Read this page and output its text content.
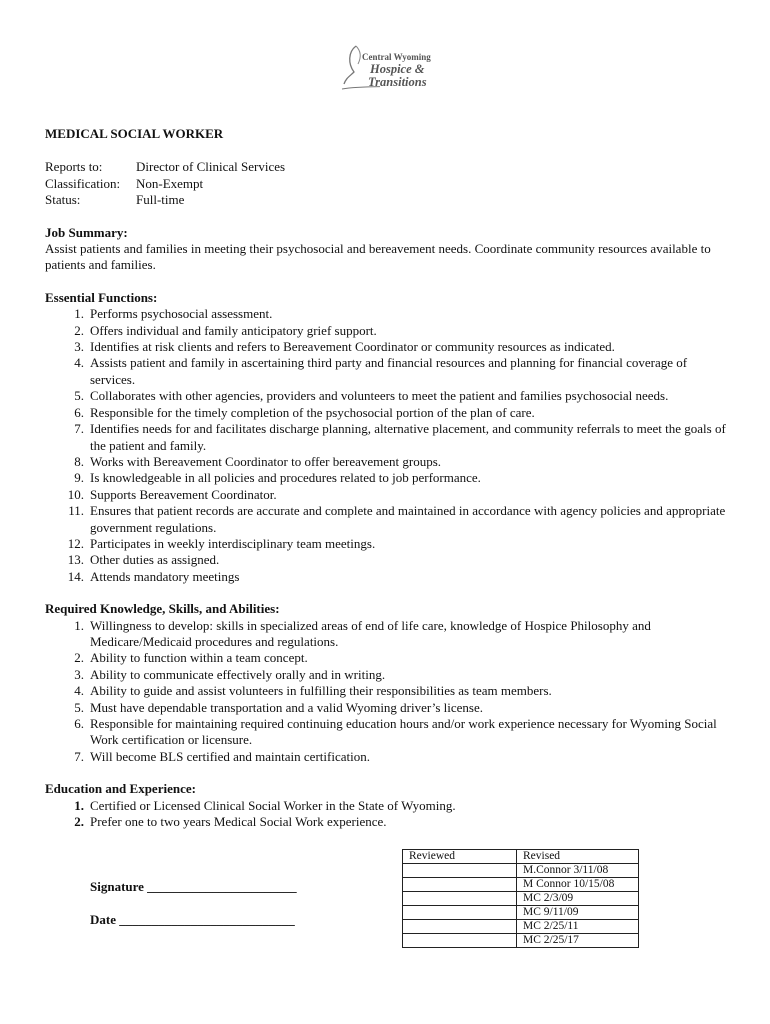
Central Wyoming
Hospice &
Transitions
MEDICAL SOCIAL WORKER
Reports to:	Director of Clinical Services
Classification:	Non-Exempt
Status:	Full-time
Job Summary:
Assist patients and families in meeting their psychosocial and bereavement needs. Coordinate community resources available to patients and families.
Essential Functions:
1. Performs psychosocial assessment.
2. Offers individual and family anticipatory grief support.
3. Identifies at risk clients and refers to Bereavement Coordinator or community resources as indicated.
4. Assists patient and family in ascertaining third party and financial resources and planning for financial coverage of services.
5. Collaborates with other agencies, providers and volunteers to meet the patient and families psychosocial needs.
6. Responsible for the timely completion of the psychosocial portion of the plan of care.
7. Identifies needs for and facilitates discharge planning, alternative placement, and community referrals to meet the goals of the patient and family.
8. Works with Bereavement Coordinator to offer bereavement groups.
9. Is knowledgeable in all policies and procedures related to job performance.
10. Supports Bereavement Coordinator.
11. Ensures that patient records are accurate and complete and maintained in accordance with agency policies and appropriate government regulations.
12. Participates in weekly interdisciplinary team meetings.
13. Other duties as assigned.
14. Attends mandatory meetings
Required Knowledge, Skills, and Abilities:
1. Willingness to develop: skills in specialized areas of end of life care, knowledge of Hospice Philosophy and Medicare/Medicaid procedures and regulations.
2. Ability to function within a team concept.
3. Ability to communicate effectively orally and in writing.
4. Ability to guide and assist volunteers in fulfilling their responsibilities as team members.
5. Must have dependable transportation and a valid Wyoming driver’s license.
6. Responsible for maintaining required continuing education hours and/or work experience necessary for Wyoming Social Work certification or licensure.
7. Will become BLS certified and maintain certification.
Education and Experience:
1. Certified or Licensed Clinical Social Worker in the State of Wyoming.
2. Prefer one to two years Medical Social Work experience.
Signature _______________________
Date ___________________________
Reviewed	Revised
	M.Connor 3/11/08
	M Connor 10/15/08
	MC 2/3/09
	MC 9/11/09
	MC 2/25/11
	MC 2/25/17
